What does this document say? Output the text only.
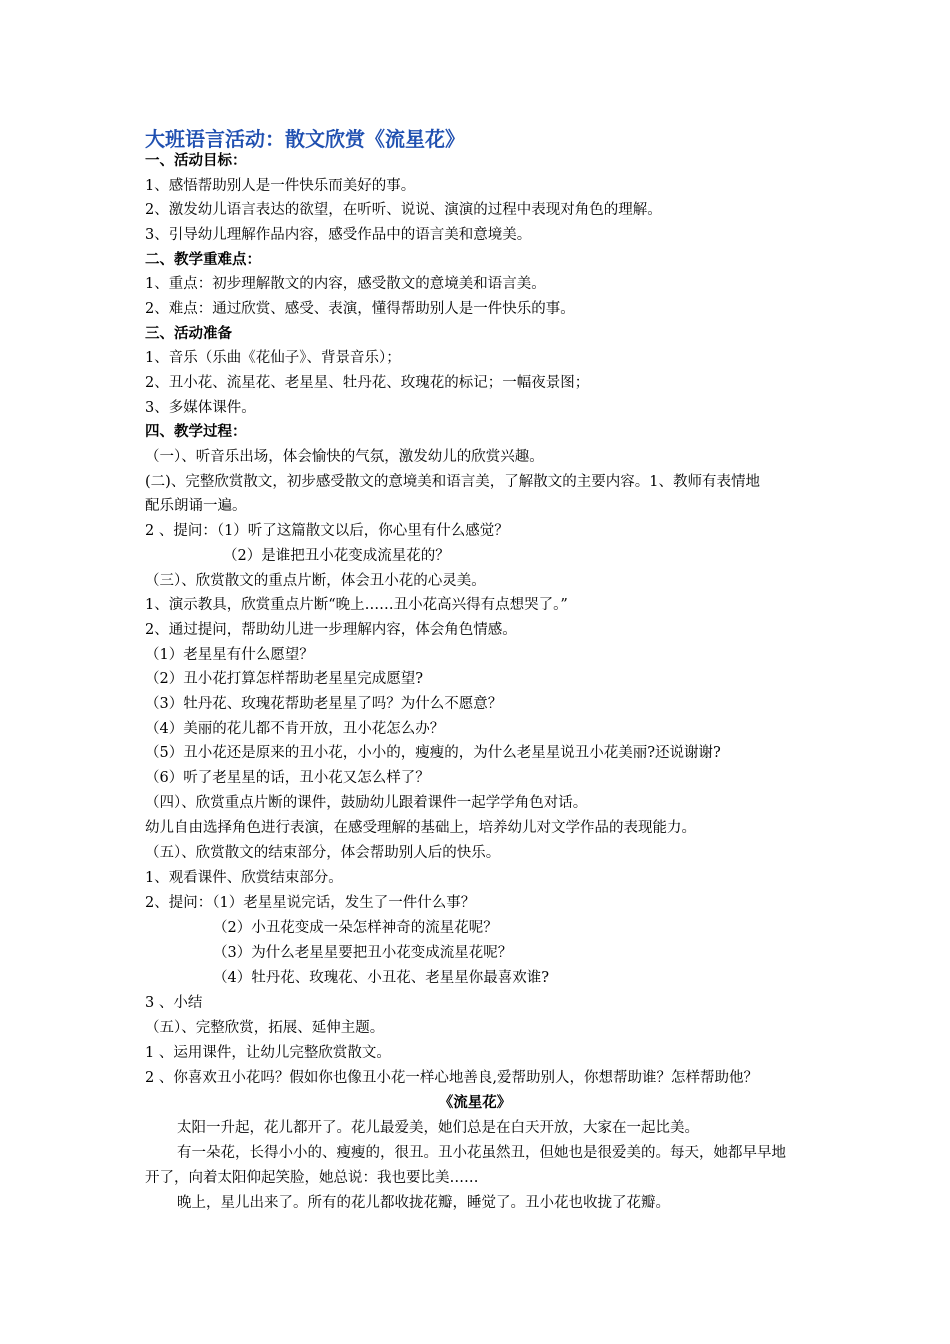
大班语言活动：散文欣赏《流星花》
一、活动目标：
1、感悟帮助别人是一件快乐而美好的事。
2、激发幼儿语言表达的欲望，在听听、说说、演演的过程中表现对角色的理解。
3、引导幼儿理解作品内容，感受作品中的语言美和意境美。
二、教学重难点：
1、重点：初步理解散文的内容，感受散文的意境美和语言美。
2、难点：通过欣赏、感受、表演，懂得帮助别人是一件快乐的事。
三、活动准备
1、音乐（乐曲《花仙子》、背景音乐）；
2、丑小花、流星花、老星星、牡丹花、玫瑰花的标记；一幅夜景图；
3、多媒体课件。
四、教学过程：
（一）、听音乐出场，体会愉快的气氛，激发幼儿的欣赏兴趣。
(二)、完整欣赏散文，初步感受散文的意境美和语言美，了解散文的主要内容。1、教师有表情地
配乐朗诵一遍。
2 、提问：（1）听了这篇散文以后，你心里有什么感觉？
（2）是谁把丑小花变成流星花的？
（三）、欣赏散文的重点片断，体会丑小花的心灵美。
1、演示教具，欣赏重点片断“晚上……丑小花高兴得有点想哭了。”
2、通过提问，帮助幼儿进一步理解内容，体会角色情感。
（1）老星星有什么愿望？
（2）丑小花打算怎样帮助老星星完成愿望?
（3）牡丹花、玫瑰花帮助老星星了吗？为什么不愿意？
（4）美丽的花儿都不肯开放，丑小花怎么办？
（5）丑小花还是原来的丑小花，小小的，瘦瘦的，为什么老星星说丑小花美丽?还说谢谢?
（6）听了老星星的话，丑小花又怎么样了？
（四）、欣赏重点片断的课件，鼓励幼儿跟着课件一起学学角色对话。
幼儿自由选择角色进行表演，在感受理解的基础上，培养幼儿对文学作品的表现能力。
（五）、欣赏散文的结束部分，体会帮助别人后的快乐。
1、观看课件、欣赏结束部分。
2、提问：（1）老星星说完话，发生了一件什么事？
（2）小丑花变成一朵怎样神奇的流星花呢？
（3）为什么老星星要把丑小花变成流星花呢？
（4）牡丹花、玫瑰花、小丑花、老星星你最喜欢谁?
3 、小结
（五）、完整欣赏，拓展、延伸主题。
1 、运用课件，让幼儿完整欣赏散文。
2 、你喜欢丑小花吗？假如你也像丑小花一样心地善良,爱帮助别人，你想帮助谁？怎样帮助他？
《流星花》
太阳一升起，花儿都开了。花儿最爱美，她们总是在白天开放，大家在一起比美。
有一朵花，长得小小的、瘦瘦的，很丑。丑小花虽然丑，但她也是很爱美的。每天，她都早早地
开了，向着太阳仰起笑脸，她总说：我也要比美……
晚上，星儿出来了。所有的花儿都收拢花瓣，睡觉了。丑小花也收拢了花瓣。
